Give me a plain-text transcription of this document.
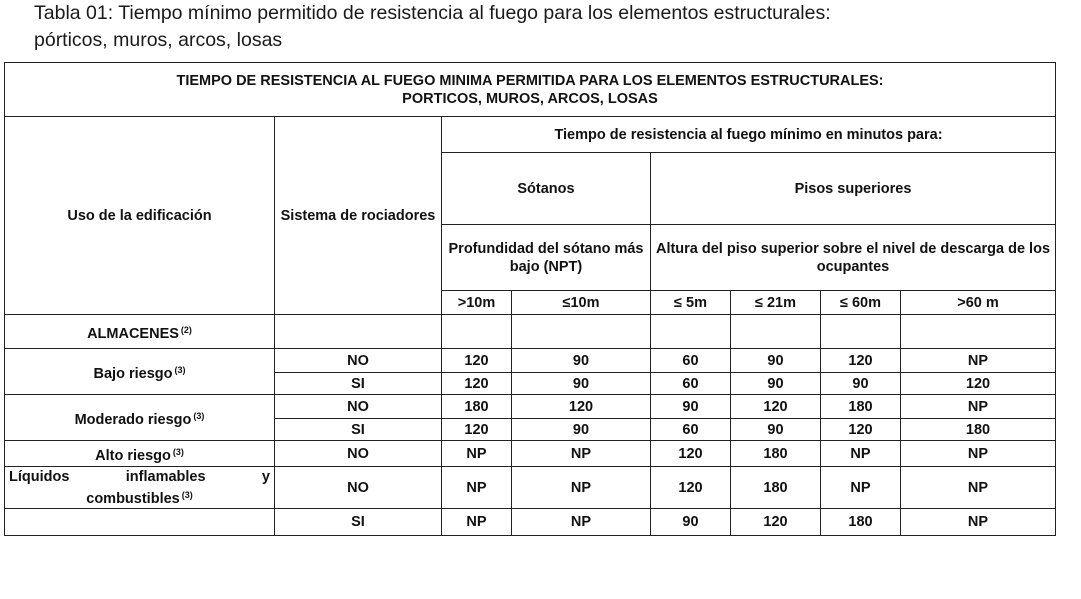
Tabla 01: Tiempo mínimo permitido de resistencia al fuego para los elementos estructurales:
pórticos, muros, arcos, losas
TIEMPO DE RESISTENCIA AL FUEGO MINIMA PERMITIDA PARA LOS ELEMENTOS ESTRUCTURALES:
PORTICOS, MUROS, ARCOS, LOSAS							

Uso de la edificación	Sistema de rociadores	Tiempo de resistencia al fuego mínimo en minutos para:					
		Sótanos		Pisos superiores			
		Profundidad del sótano más bajo (NPT)		Altura del piso superior sobre el nivel de descarga de los ocupantes			
		>10m	≤10m	≤ 5m	≤ 21m	≤ 60m	>60 m
ALMACENES $^{(2)}$							
Bajo riesgo $^{(3)}$	NO	120	90	60	90	120	NP
	SI	120	90	60	90	90	120
Moderado riesgo $^{(3)}$	NO	180	120	90	120	180	NP
	SI	120	90	60	90	120	180
Alto riesgo $^{(3)}$	NO	NP	NP	120	180	NP	NP

Líquidos inflamables y
combustibles $^{(3)}$	NO	NP	NP	120	180	NP	NP
	SI	NP	NP	90	120	180	NP
